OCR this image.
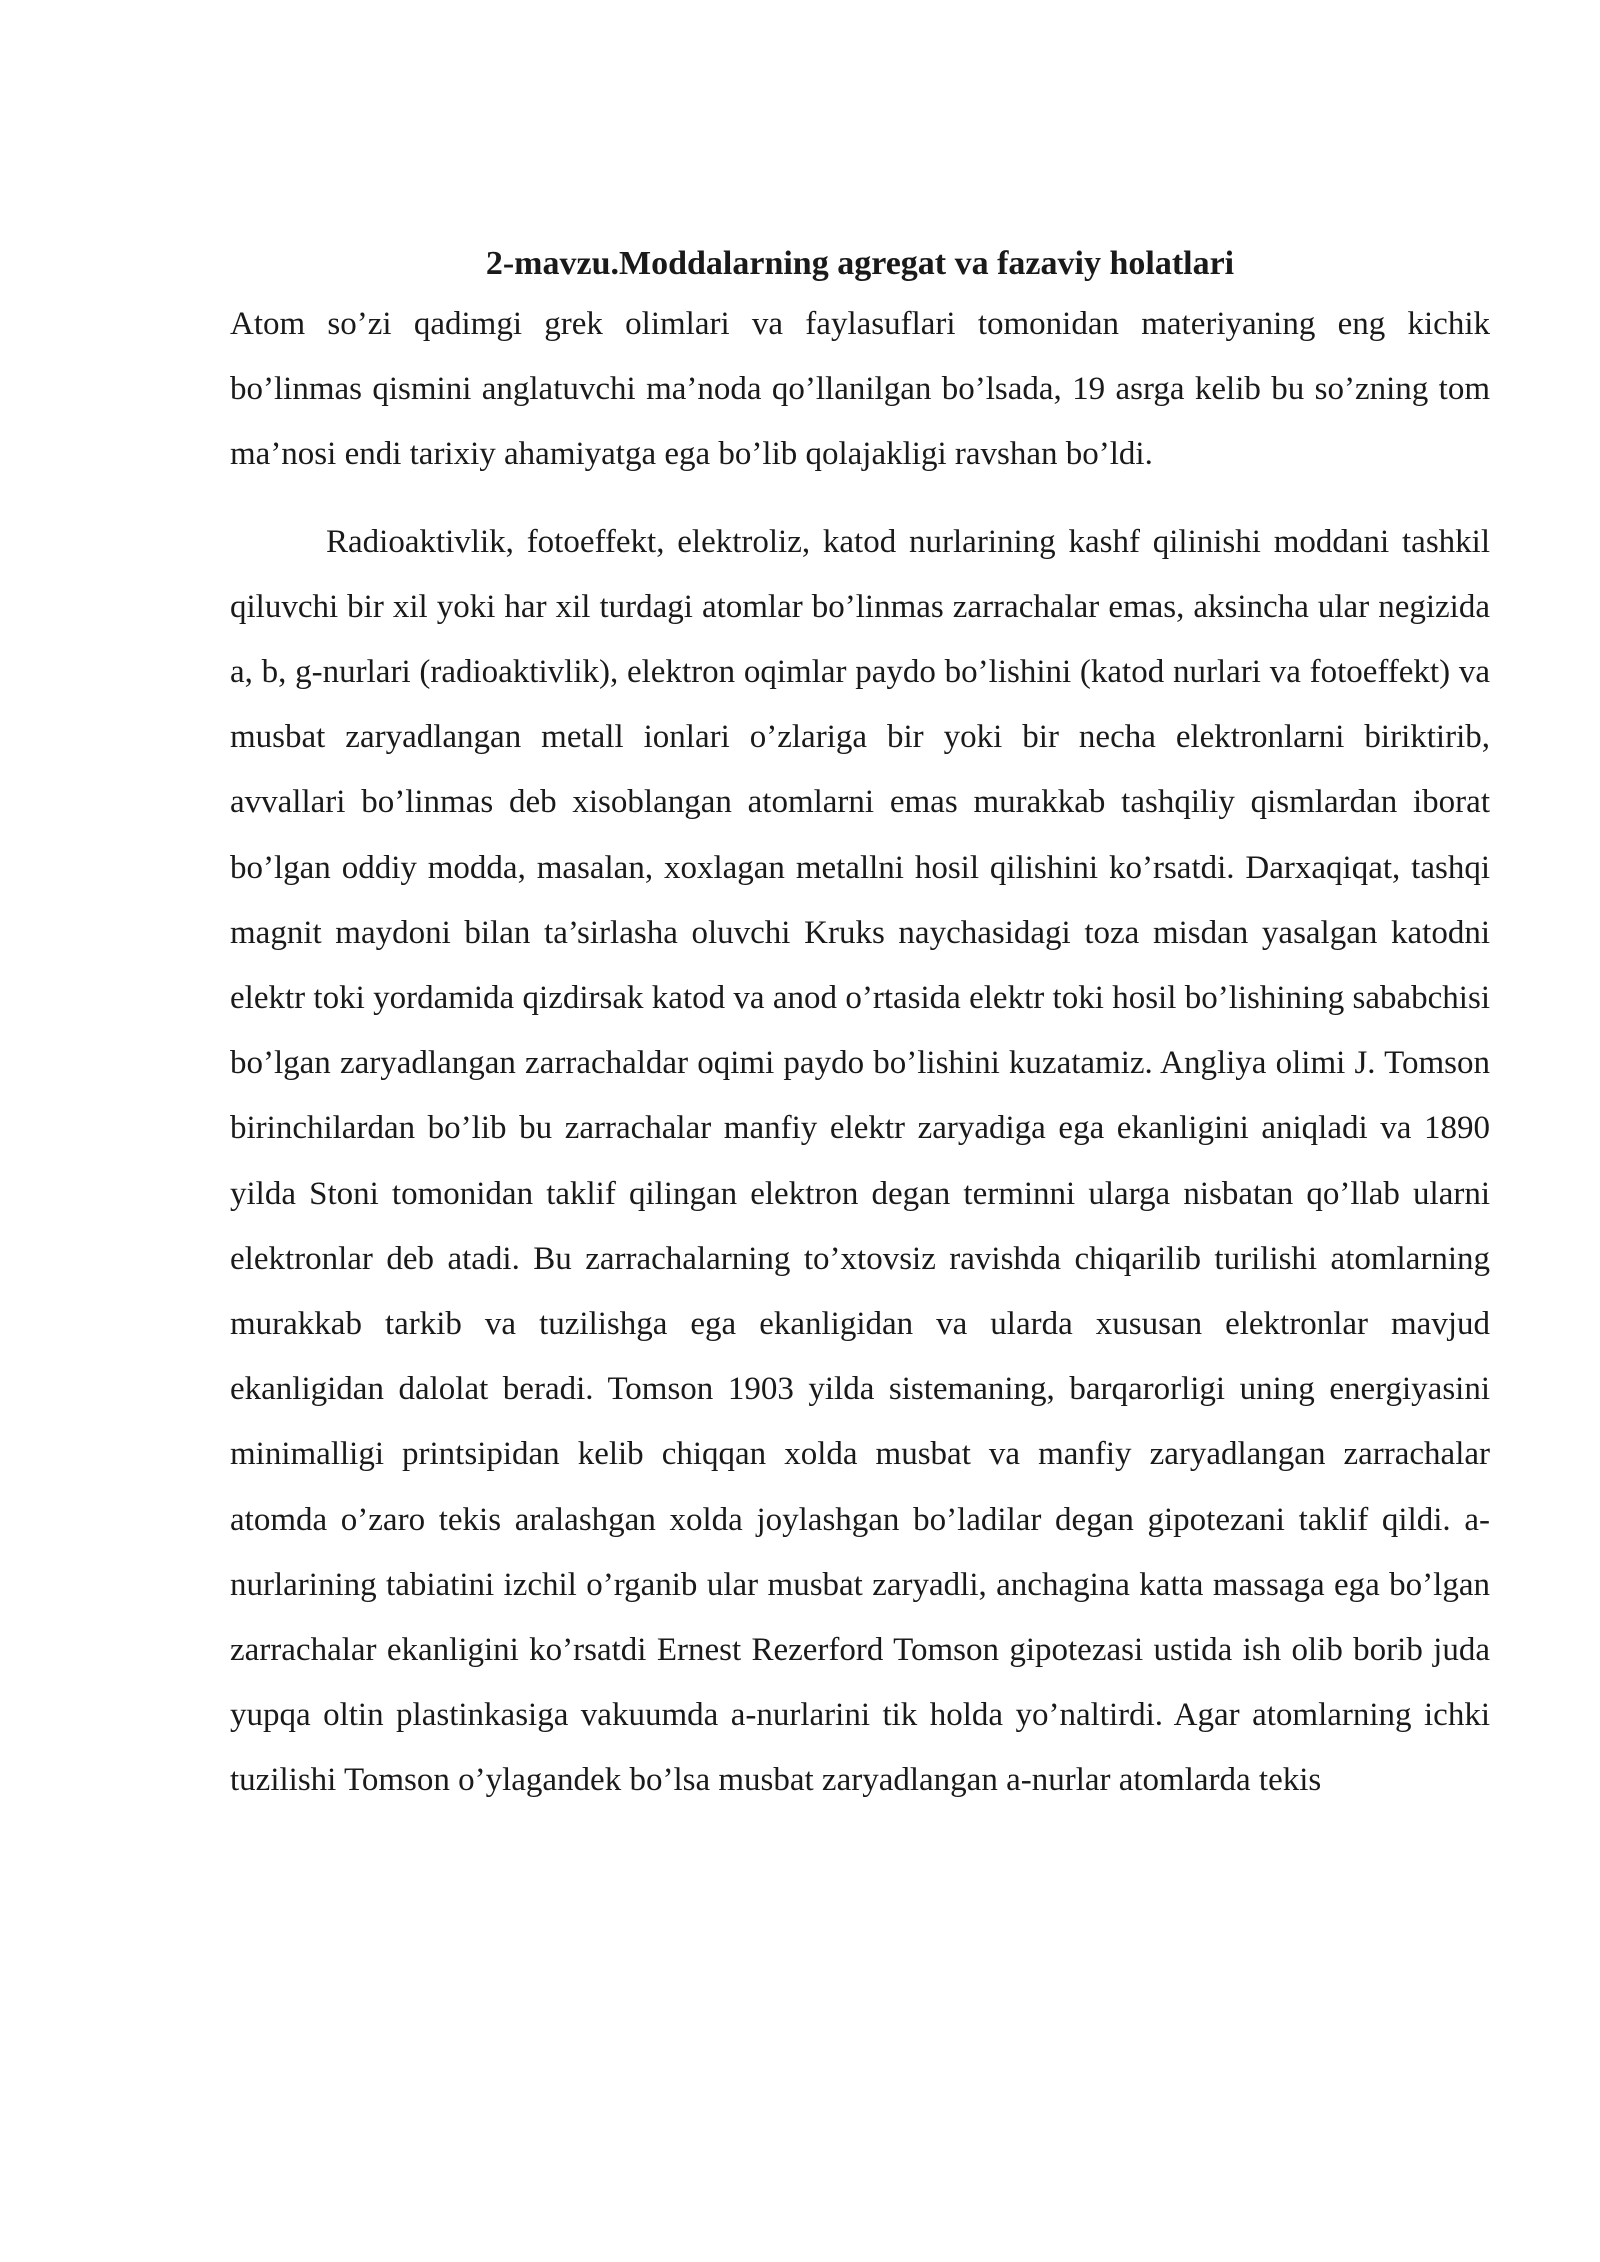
2-mavzu.Moddalarning agregat va fazaviy holatlari

Atom so’zi qadimgi grek olimlari va faylasuflari tomonidan materiyaning eng kichik bo’linmas qismini anglatuvchi ma’noda qo’llanilgan bo’lsada, 19 asrga kelib bu so’zning tom ma’nosi endi tarixiy ahamiyatga ega bo’lib qolajakligi ravshan bo’ldi.

Radioaktivlik, fotoeffekt, elektroliz, katod nurlarining kashf qilinishi moddani tashkil qiluvchi bir xil yoki har xil turdagi atomlar bo’linmas zarrachalar emas, aksincha ular negizida a, b, g-nurlari (radioaktivlik), elektron oqimlar paydo bo’lishini (katod nurlari va fotoeffekt) va musbat zaryadlangan metall ionlari o’zlariga bir yoki bir necha elektronlarni biriktirib, avvallari bo’linmas deb xisoblangan atomlarni emas murakkab tashqiliy qismlardan iborat bo’lgan oddiy modda, masalan, xoxlagan metallni hosil qilishini ko’rsatdi. Darxaqiqat, tashqi magnit maydoni bilan ta’sirlasha oluvchi Kruks naychasidagi toza misdan yasalgan katodni elektr toki yordamida qizdirsak katod va anod o’rtasida elektr toki hosil bo’lishining sababchisi bo’lgan zaryadlangan zarrachaldar oqimi paydo bo’lishini kuzatamiz. Angliya olimi J. Tomson birinchilardan bo’lib bu zarrachalar manfiy elektr zaryadiga ega ekanligini aniqladi va 1890 yilda Stoni tomonidan taklif qilingan elektron degan terminni ularga nisbatan qo’llab ularni elektronlar deb atadi. Bu zarrachalarning to’xtovsiz ravishda chiqarilib turilishi atomlarning murakkab tarkib va tuzilishga ega ekanligidan va ularda xususan elektronlar mavjud ekanligidan dalolat beradi. Tomson 1903 yilda sistemaning, barqarorligi uning energiyasini minimalligi printsipidan kelib chiqqan xolda musbat va manfiy zaryadlangan zarrachalar atomda o’zaro tekis aralashgan xolda joylashgan bo’ladilar degan gipotezani taklif qildi. a- nurlarining tabiatini izchil o’rganib ular musbat zaryadli, anchagina katta massaga ega bo’lgan zarrachalar ekanligini ko’rsatdi Ernest Rezerford Tomson gipotezasi ustida ish olib borib juda yupqa oltin plastinkasiga vakuumda a-nurlarini tik holda yo’naltirdi. Agar atomlarning ichki tuzilishi Tomson o’ylagandek bo’lsa musbat zaryadlangan a-nurlar atomlarda tekis
